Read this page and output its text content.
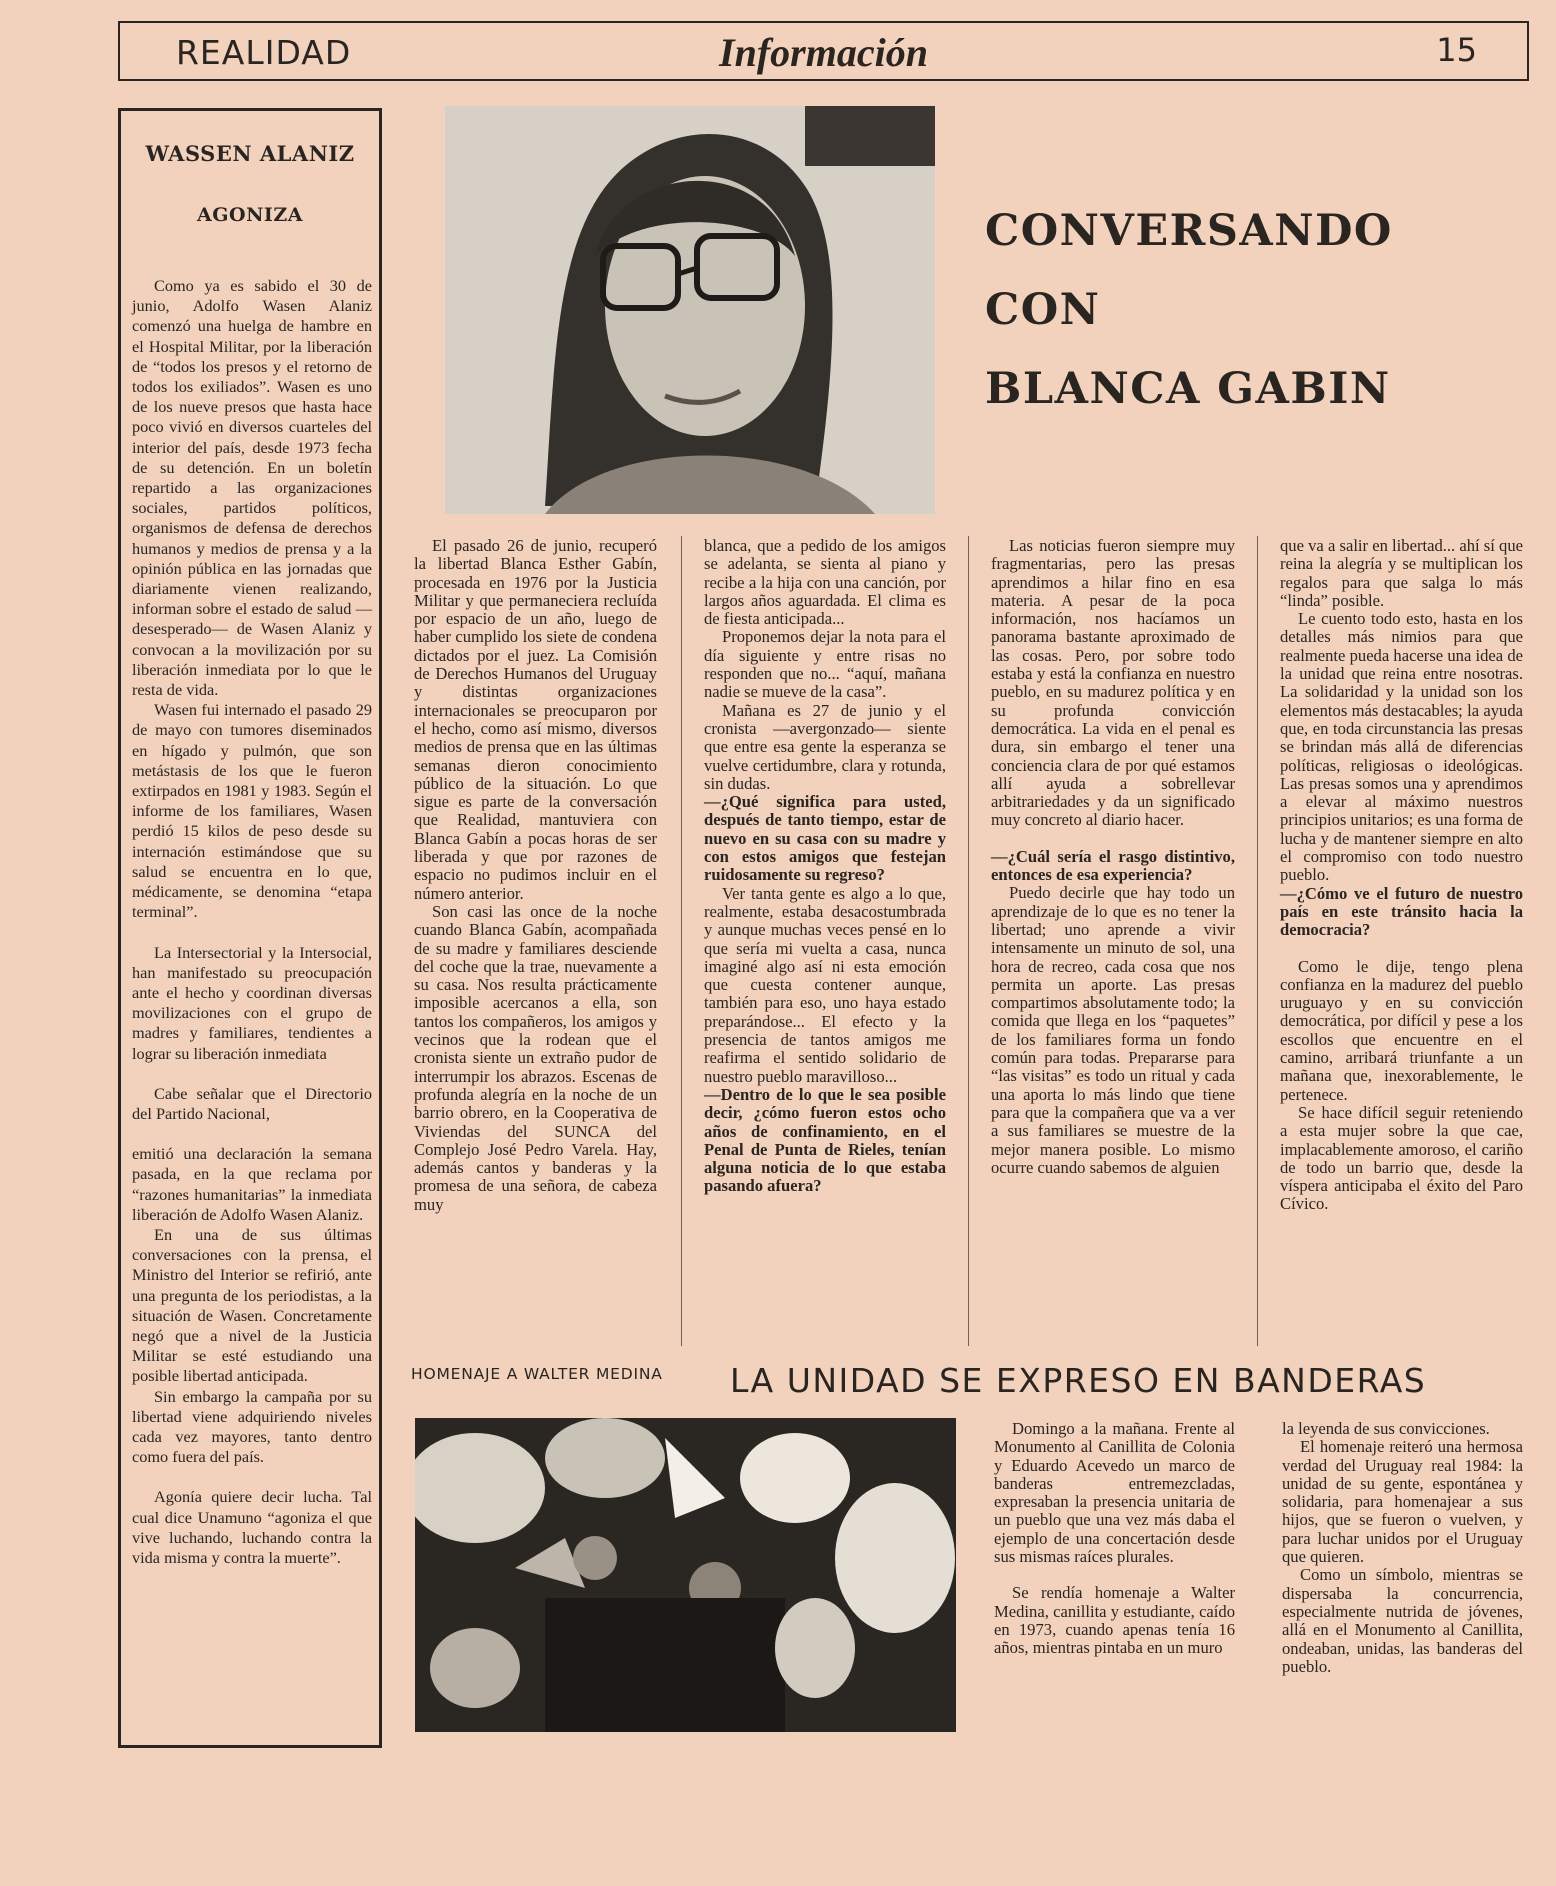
REALIDAD	Información	15
WASSEN ALANIZ
AGONIZA

Como ya es sabido el 30 de junio, Adolfo Wasen Alaniz comenzó una huelga de hambre en el Hospital Militar, por la liberación de “todos los presos y el retorno de todos los exiliados”. Wasen es uno de los nueve presos que hasta hace poco vivió en diversos cuarteles del interior del país, desde 1973 fecha de su detención. En un boletín repartido a las organizaciones sociales, partidos políticos, organismos de defensa de derechos humanos y medios de prensa y a la opinión pública en las jornadas que diariamente vienen realizando, informan sobre el estado de salud —desesperado— de Wasen Alaniz y convocan a la movilización por su liberación inmediata por lo que le resta de vida.

Wasen fui internado el pasado 29 de mayo con tumores diseminados en hígado y pulmón, que son metástasis de los que le fueron extirpados en 1981 y 1983. Según el informe de los familiares, Wasen perdió 15 kilos de peso desde su internación estimándose que su salud se encuentra en lo que, médicamente, se denomina “etapa terminal”.

La Intersectorial y la Intersocial, han manifestado su preocupación ante el hecho y coordinan diversas movilizaciones con el grupo de madres y familiares, tendientes a lograr su liberación inmediata

Cabe señalar que el Directorio del Partido Nacional,

emitió una declaración la semana pasada, en la que reclama por “razones humanitarias” la inmediata liberación de Adolfo Wasen Alaniz.

En una de sus últimas conversaciones con la prensa, el Ministro del Interior se refirió, ante una pregunta de los periodistas, a la situación de Wasen. Concretamente negó que a nivel de la Justicia Militar se esté estudiando una posible libertad anticipada.

Sin embargo la campaña por su libertad viene adquiriendo niveles cada vez mayores, tanto dentro como fuera del país.

Agonía quiere decir lucha. Tal cual dice Unamuno “agoniza el que vive luchando, luchando contra la vida misma y contra la muerte”.

CONVERSANDO
CON
BLANCA GABIN

El pasado 26 de junio, recuperó la libertad Blanca Esther Gabín, procesada en 1976 por la Justicia Militar y que permaneciera recluída por espacio de un año, luego de haber cumplido los siete de condena dictados por el juez. La Comisión de Derechos Humanos del Uruguay y distintas organizaciones internacionales se preocuparon por el hecho, como así mismo, diversos medios de prensa que en las últimas semanas dieron conocimiento público de la situación. Lo que sigue es parte de la conversación que Realidad, mantuviera con Blanca Gabín a pocas horas de ser liberada y que por razones de espacio no pudimos incluir en el número anterior.

Son casi las once de la noche cuando Blanca Gabín, acompañada de su madre y familiares desciende del coche que la trae, nuevamente a su casa. Nos resulta prácticamente imposible acercanos a ella, son tantos los compañeros, los amigos y vecinos que la rodean que el cronista siente un extraño pudor de interrumpir los abrazos. Escenas de profunda alegría en la noche de un barrio obrero, en la Cooperativa de Viviendas del SUNCA del Complejo José Pedro Varela. Hay, además cantos y banderas y la promesa de una señora, de cabeza muy

blanca, que a pedido de los amigos se adelanta, se sienta al piano y recibe a la hija con una canción, por largos años aguardada. El clima es de fiesta anticipada...

Proponemos dejar la nota para el día siguiente y entre risas no responden que no... “aquí, mañana nadie se mueve de la casa”.

Mañana es 27 de junio y el cronista —avergonzado— siente que entre esa gente la esperanza se vuelve certidumbre, clara y rotunda, sin dudas.

—¿Qué significa para usted, después de tanto tiempo, estar de nuevo en su casa con su madre y con estos amigos que festejan ruidosamente su regreso?

Ver tanta gente es algo a lo que, realmente, estaba desacostumbrada y aunque muchas veces pensé en lo que sería mi vuelta a casa, nunca imaginé algo así ni esta emoción que cuesta contener aunque, también para eso, uno haya estado preparándose... El efecto y la presencia de tantos amigos me reafirma el sentido solidario de nuestro pueblo maravilloso...

—Dentro de lo que le sea posible decir, ¿cómo fueron estos ocho años de confinamiento, en el Penal de Punta de Rieles, tenían alguna noticia de lo que estaba pasando afuera?

Las noticias fueron siempre muy fragmentarias, pero las presas aprendimos a hilar fino en esa materia. A pesar de la poca información, nos hacíamos un panorama bastante aproximado de las cosas. Pero, por sobre todo estaba y está la confianza en nuestro pueblo, en su madurez política y en su profunda convicción democrática. La vida en el penal es dura, sin embargo el tener una conciencia clara de por qué estamos allí ayuda a sobrellevar arbitrariedades y da un significado muy concreto al diario hacer.

—¿Cuál sería el rasgo distintivo, entonces de esa experiencia?

Puedo decirle que hay todo un aprendizaje de lo que es no tener la libertad; uno aprende a vivir intensamente un minuto de sol, una hora de recreo, cada cosa que nos permita un aporte. Las presas compartimos absolutamente todo; la comida que llega en los “paquetes” de los familiares forma un fondo común para todas. Prepararse para “las visitas” es todo un ritual y cada una aporta lo más lindo que tiene para que la compañera que va a ver a sus familiares se muestre de la mejor manera posible. Lo mismo ocurre cuando sabemos de alguien

que va a salir en libertad... ahí sí que reina la alegría y se multiplican los regalos para que salga lo más “linda” posible.

Le cuento todo esto, hasta en los detalles más nimios para que realmente pueda hacerse una idea de la unidad que reina entre nosotras. La solidaridad y la unidad son los elementos más destacables; la ayuda que, en toda circunstancia las presas se brindan más allá de diferencias políticas, religiosas o ideológicas. Las presas somos una y aprendimos a elevar al máximo nuestros principios unitarios; es una forma de lucha y de mantener siempre en alto el compromiso con todo nuestro pueblo.

—¿Cómo ve el futuro de nuestro país en este tránsito hacia la democracia?

Como le dije, tengo plena confianza en la madurez del pueblo uruguayo y en su convicción democrática, por difícil y pese a los escollos que encuentre en el camino, arribará triunfante a un mañana que, inexorablemente, le pertenece.

Se hace difícil seguir reteniendo a esta mujer sobre la que cae, implacablemente amoroso, el cariño de todo un barrio que, desde la víspera anticipaba el éxito del Paro Cívico.

HOMENAJE A WALTER MEDINA LA UNIDAD SE EXPRESO EN BANDERAS

Domingo a la mañana. Frente al Monumento al Canillita de Colonia y Eduardo Acevedo un marco de banderas entremezcladas, expresaban la presencia unitaria de un pueblo que una vez más daba el ejemplo de una concertación desde sus mismas raíces plurales.

Se rendía homenaje a Walter Medina, canillita y estudiante, caído en 1973, cuando apenas tenía 16 años, mientras pintaba en un muro

la leyenda de sus convicciones.

El homenaje reiteró una hermosa verdad del Uruguay real 1984: la unidad de su gente, espontánea y solidaria, para homenajear a sus hijos, que se fueron o vuelven, y para luchar unidos por el Uruguay que quieren.

Como un símbolo, mientras se dispersaba la concurrencia, especialmente nutrida de jóvenes, allá en el Monumento al Canillita, ondeaban, unidas, las banderas del pueblo.
